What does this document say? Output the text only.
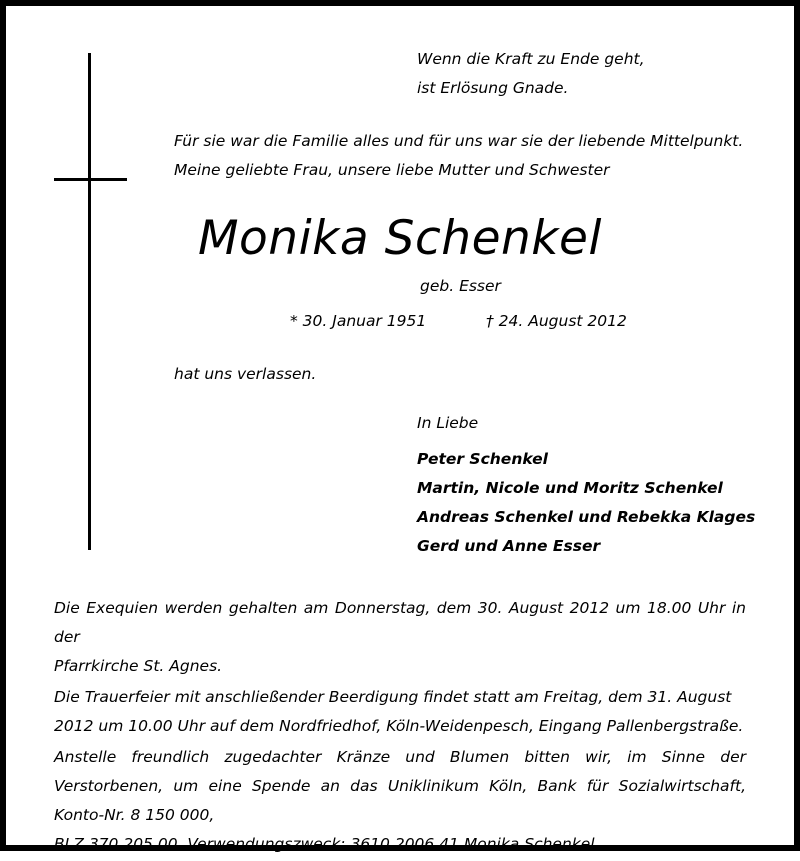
Wenn die Kraft zu Ende geht,
ist Erlösung Gnade.
Für sie war die Familie alles und für uns war sie der liebende Mittelpunkt.
Meine geliebte Frau, unsere liebe Mutter und Schwester
Monika Schenkel
geb. Esser
* 30. Januar 1951	† 24. August 2012
hat uns verlassen.
In Liebe
Peter Schenkel
Martin, Nicole und Moritz Schenkel
Andreas Schenkel und Rebekka Klages
Gerd und Anne Esser

Die Exequien werden gehalten am Donnerstag, dem 30. August 2012 um 18.00 Uhr in der
Pfarrkirche St. Agnes.

Die Trauerfeier mit anschließender Beerdigung findet statt am Freitag, dem 31. August
2012 um 10.00 Uhr auf dem Nordfriedhof, Köln-Weidenpesch, Eingang Pallenbergstraße.

Anstelle freundlich zugedachter Kränze und Blumen bitten wir, im Sinne der Verstorbenen, um eine Spende an das Uniklinikum Köln, Bank für Sozialwirtschaft, Konto-Nr. 8 150 000,
BLZ 370 205 00, Verwendungszweck: 3610 2006 41 Monika Schenkel.
